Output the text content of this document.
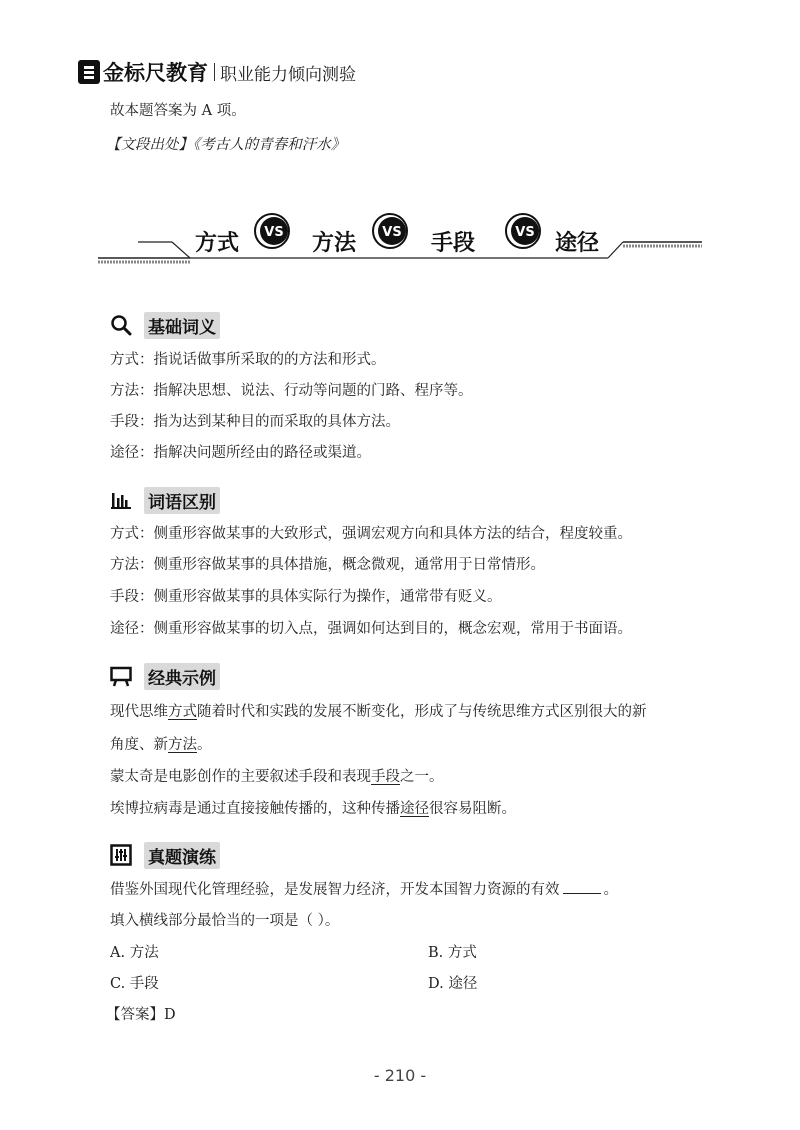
金标尺教育 职业能力倾向测验
故本题答案为 A 项。
【文段出处】《考古人的青春和汗水》
方式 VS 方法 VS 手段	VS 途径
基础词义
方式：指说话做事所采取的的方法和形式。
方法：指解决思想、说法、行动等问题的门路、程序等。
手段：指为达到某种目的而采取的具体方法。
途径：指解决问题所经由的路径或渠道。
词语区别
方式：侧重形容做某事的大致形式，强调宏观方向和具体方法的结合，程度较重。
方法：侧重形容做某事的具体措施，概念微观，通常用于日常情形。
手段：侧重形容做某事的具体实际行为操作，通常带有贬义。
途径：侧重形容做某事的切入点，强调如何达到目的，概念宏观，常用于书面语。
经典示例
现代思维方式随着时代和实践的发展不断变化，形成了与传统思维方式区别很大的新
角度、新方法。
蒙太奇是电影创作的主要叙述手段和表现手段之一。
埃博拉病毒是通过直接接触传播的，这种传播途径很容易阻断。
真题演练
借鉴外国现代化管理经验，是发展智力经济，开发本国智力资源的有效	。
填入横线部分最恰当的一项是（ ）。
A. 方法	B. 方式
C. 手段	D. 途径
【答案】D
- 210 -
